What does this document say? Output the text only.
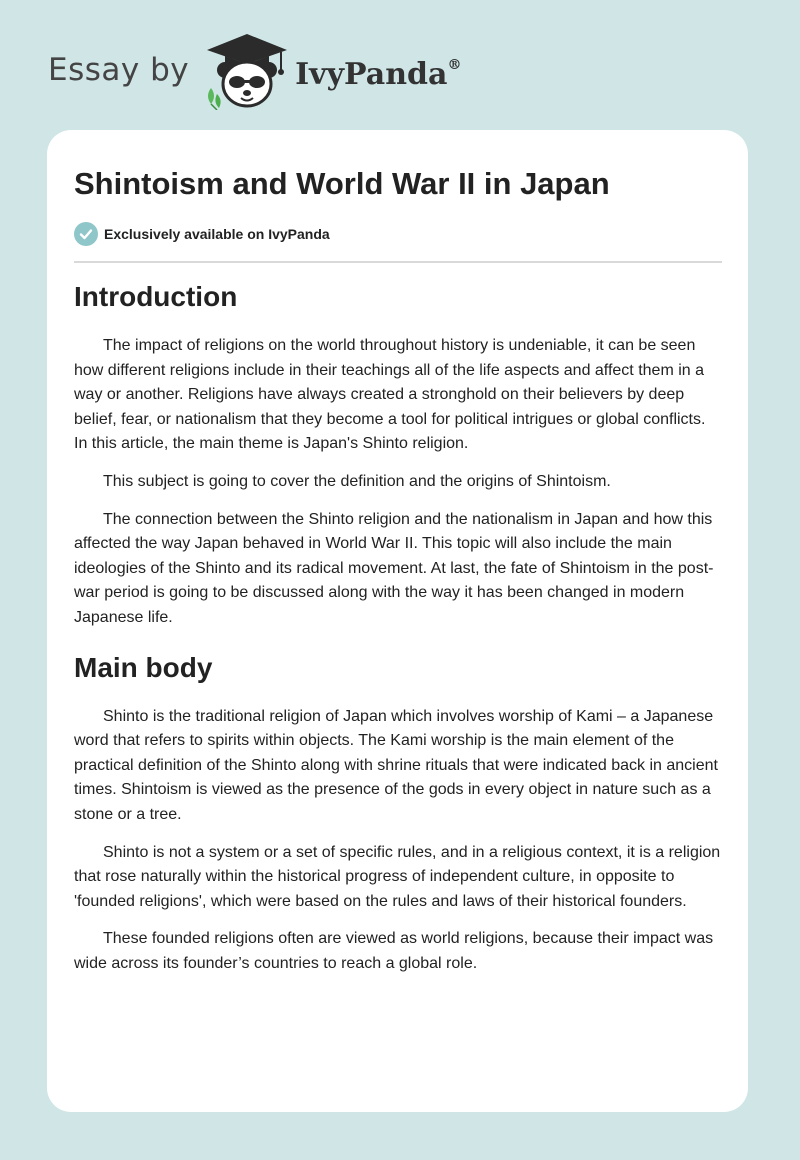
Essay by	IvyPanda®
Shintoism and World War II in Japan
Exclusively available on IvyPanda
Introduction

The impact of religions on the world throughout history is undeniable, it can be seen how different religions include in their teachings all of the life aspects and affect them in a way or another. Religions have always created a stronghold on their believers by deep belief, fear, or nationalism that they become a tool for political intrigues or global conflicts. In this article, the main theme is Japan's Shinto religion.

This subject is going to cover the definition and the origins of Shintoism.

The connection between the Shinto religion and the nationalism in Japan and how this affected the way Japan behaved in World War II. This topic will also include the main ideologies of the Shinto and its radical movement. At last, the fate of Shintoism in the post-war period is going to be discussed along with the way it has been changed in modern Japanese life.

Main body

Shinto is the traditional religion of Japan which involves worship of Kami – a Japanese word that refers to spirits within objects. The Kami worship is the main element of the practical definition of the Shinto along with shrine rituals that were indicated back in ancient times. Shintoism is viewed as the presence of the gods in every object in nature such as a stone or a tree.

Shinto is not a system or a set of specific rules, and in a religious context, it is a religion that rose naturally within the historical progress of independent culture, in opposite to 'founded religions', which were based on the rules and laws of their historical founders.

These founded religions often are viewed as world religions, because their impact was wide across its founder’s countries to reach a global role.
